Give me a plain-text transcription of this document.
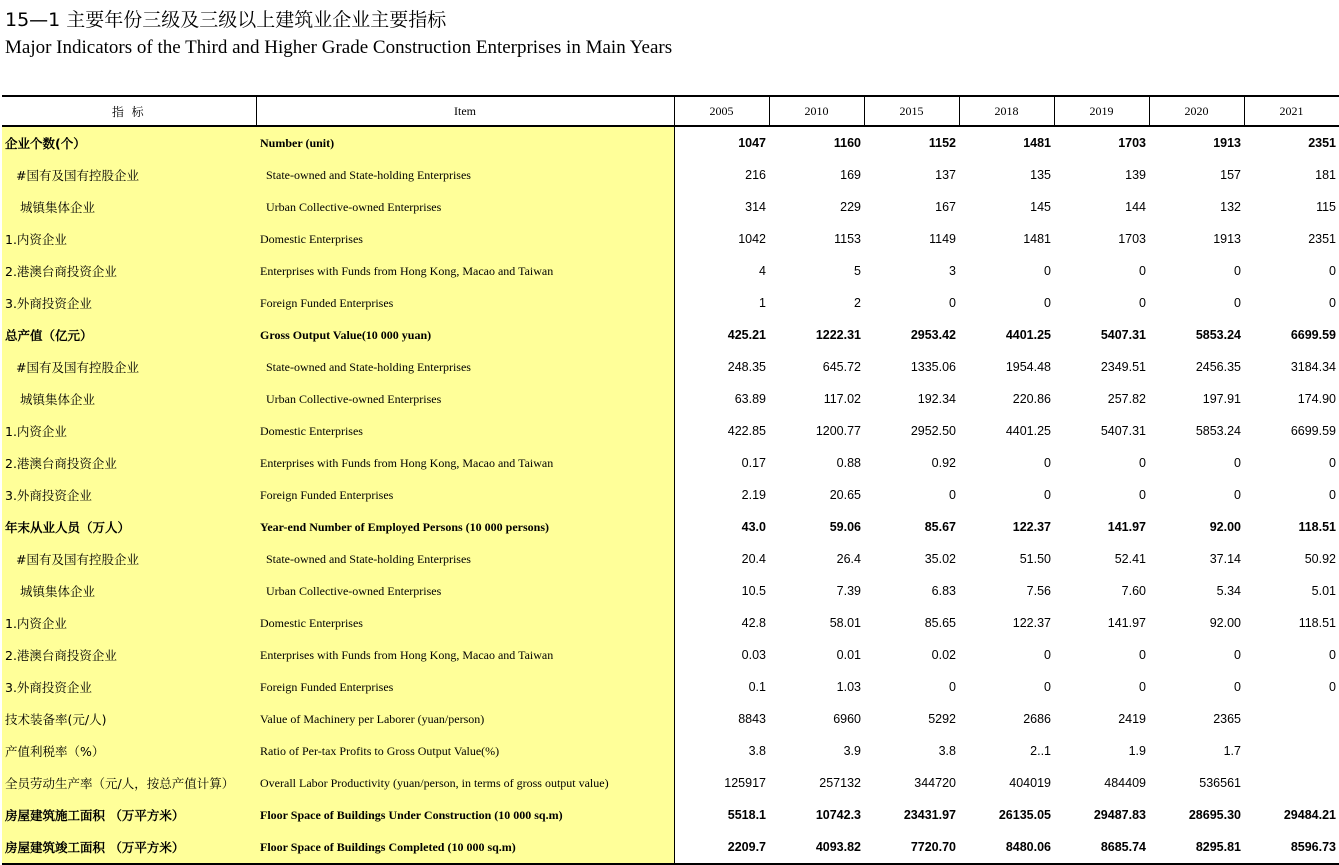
15—1 主要年份三级及三级以上建筑业企业主要指标
Major Indicators of the Third and Higher Grade Construction Enterprises in Main Years
指 标	Item	2005	2010	2015	2018	2019	2020	2021
企业个数(个）	Number (unit)	1047	1160	1152	1481	1703	1913	2351
#国有及国有控股企业	State-owned and State-holding Enterprises	216	169	137	135	139	157	181
城镇集体企业	Urban Collective-owned Enterprises	314	229	167	145	144	132	115
1.内资企业	Domestic Enterprises	1042	1153	1149	1481	1703	1913	2351
2.港澳台商投资企业	Enterprises with Funds from Hong Kong, Macao and Taiwan	4	5	3	0	0	0	0
3.外商投资企业	Foreign Funded Enterprises	1	2	0	0	0	0	0
总产值（亿元）	Gross Output Value(10 000 yuan)	425.21	1222.31	2953.42	4401.25	5407.31	5853.24	6699.59
#国有及国有控股企业	State-owned and State-holding Enterprises	248.35	645.72	1335.06	1954.48	2349.51	2456.35	3184.34
城镇集体企业	Urban Collective-owned Enterprises	63.89	117.02	192.34	220.86	257.82	197.91	174.90
1.内资企业	Domestic Enterprises	422.85	1200.77	2952.50	4401.25	5407.31	5853.24	6699.59
2.港澳台商投资企业	Enterprises with Funds from Hong Kong, Macao and Taiwan	0.17	0.88	0.92	0	0	0	0
3.外商投资企业	Foreign Funded Enterprises	2.19	20.65	0	0	0	0	0
年末从业人员（万人）	Year-end Number of Employed Persons (10 000 persons)	43.0	59.06	85.67	122.37	141.97	92.00	118.51
#国有及国有控股企业	State-owned and State-holding Enterprises	20.4	26.4	35.02	51.50	52.41	37.14	50.92
城镇集体企业	Urban Collective-owned Enterprises	10.5	7.39	6.83	7.56	7.60	5.34	5.01
1.内资企业	Domestic Enterprises	42.8	58.01	85.65	122.37	141.97	92.00	118.51
2.港澳台商投资企业	Enterprises with Funds from Hong Kong, Macao and Taiwan	0.03	0.01	0.02	0	0	0	0
3.外商投资企业	Foreign Funded Enterprises	0.1	1.03	0	0	0	0	0
技术装备率(元/人)	Value of Machinery per Laborer (yuan/person)	8843	6960	5292	2686	2419	2365	
产值利税率（%）	Ratio of Per-tax Profits to Gross Output Value(%)	3.8	3.9	3.8	2..1	1.9	1.7	
全员劳动生产率（元/人，按总产值计算）	Overall Labor Productivity (yuan/person, in terms of gross output value)	125917	257132	344720	404019	484409	536561	
房屋建筑施工面积 （万平方米）	Floor Space of Buildings Under Construction (10 000 sq.m)	5518.1	10742.3	23431.97	26135.05	29487.83	28695.30	29484.21
房屋建筑竣工面积 （万平方米）	Floor Space of Buildings Completed (10 000 sq.m)	2209.7	4093.82	7720.70	8480.06	8685.74	8295.81	8596.73
